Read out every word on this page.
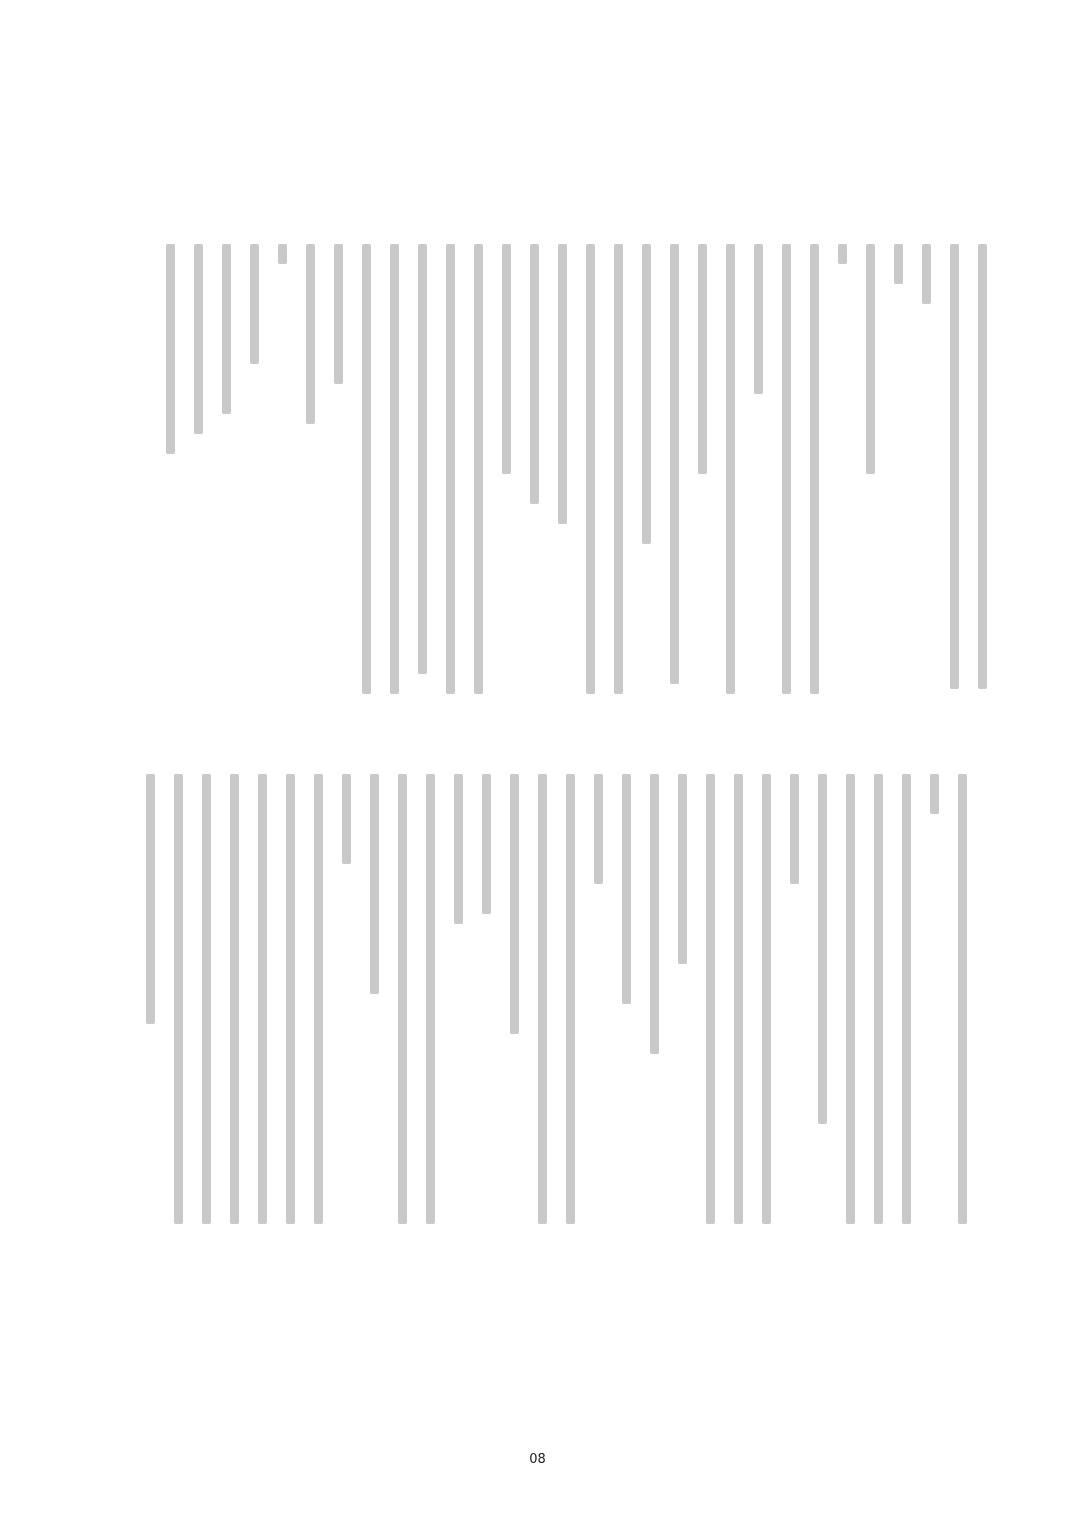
08
